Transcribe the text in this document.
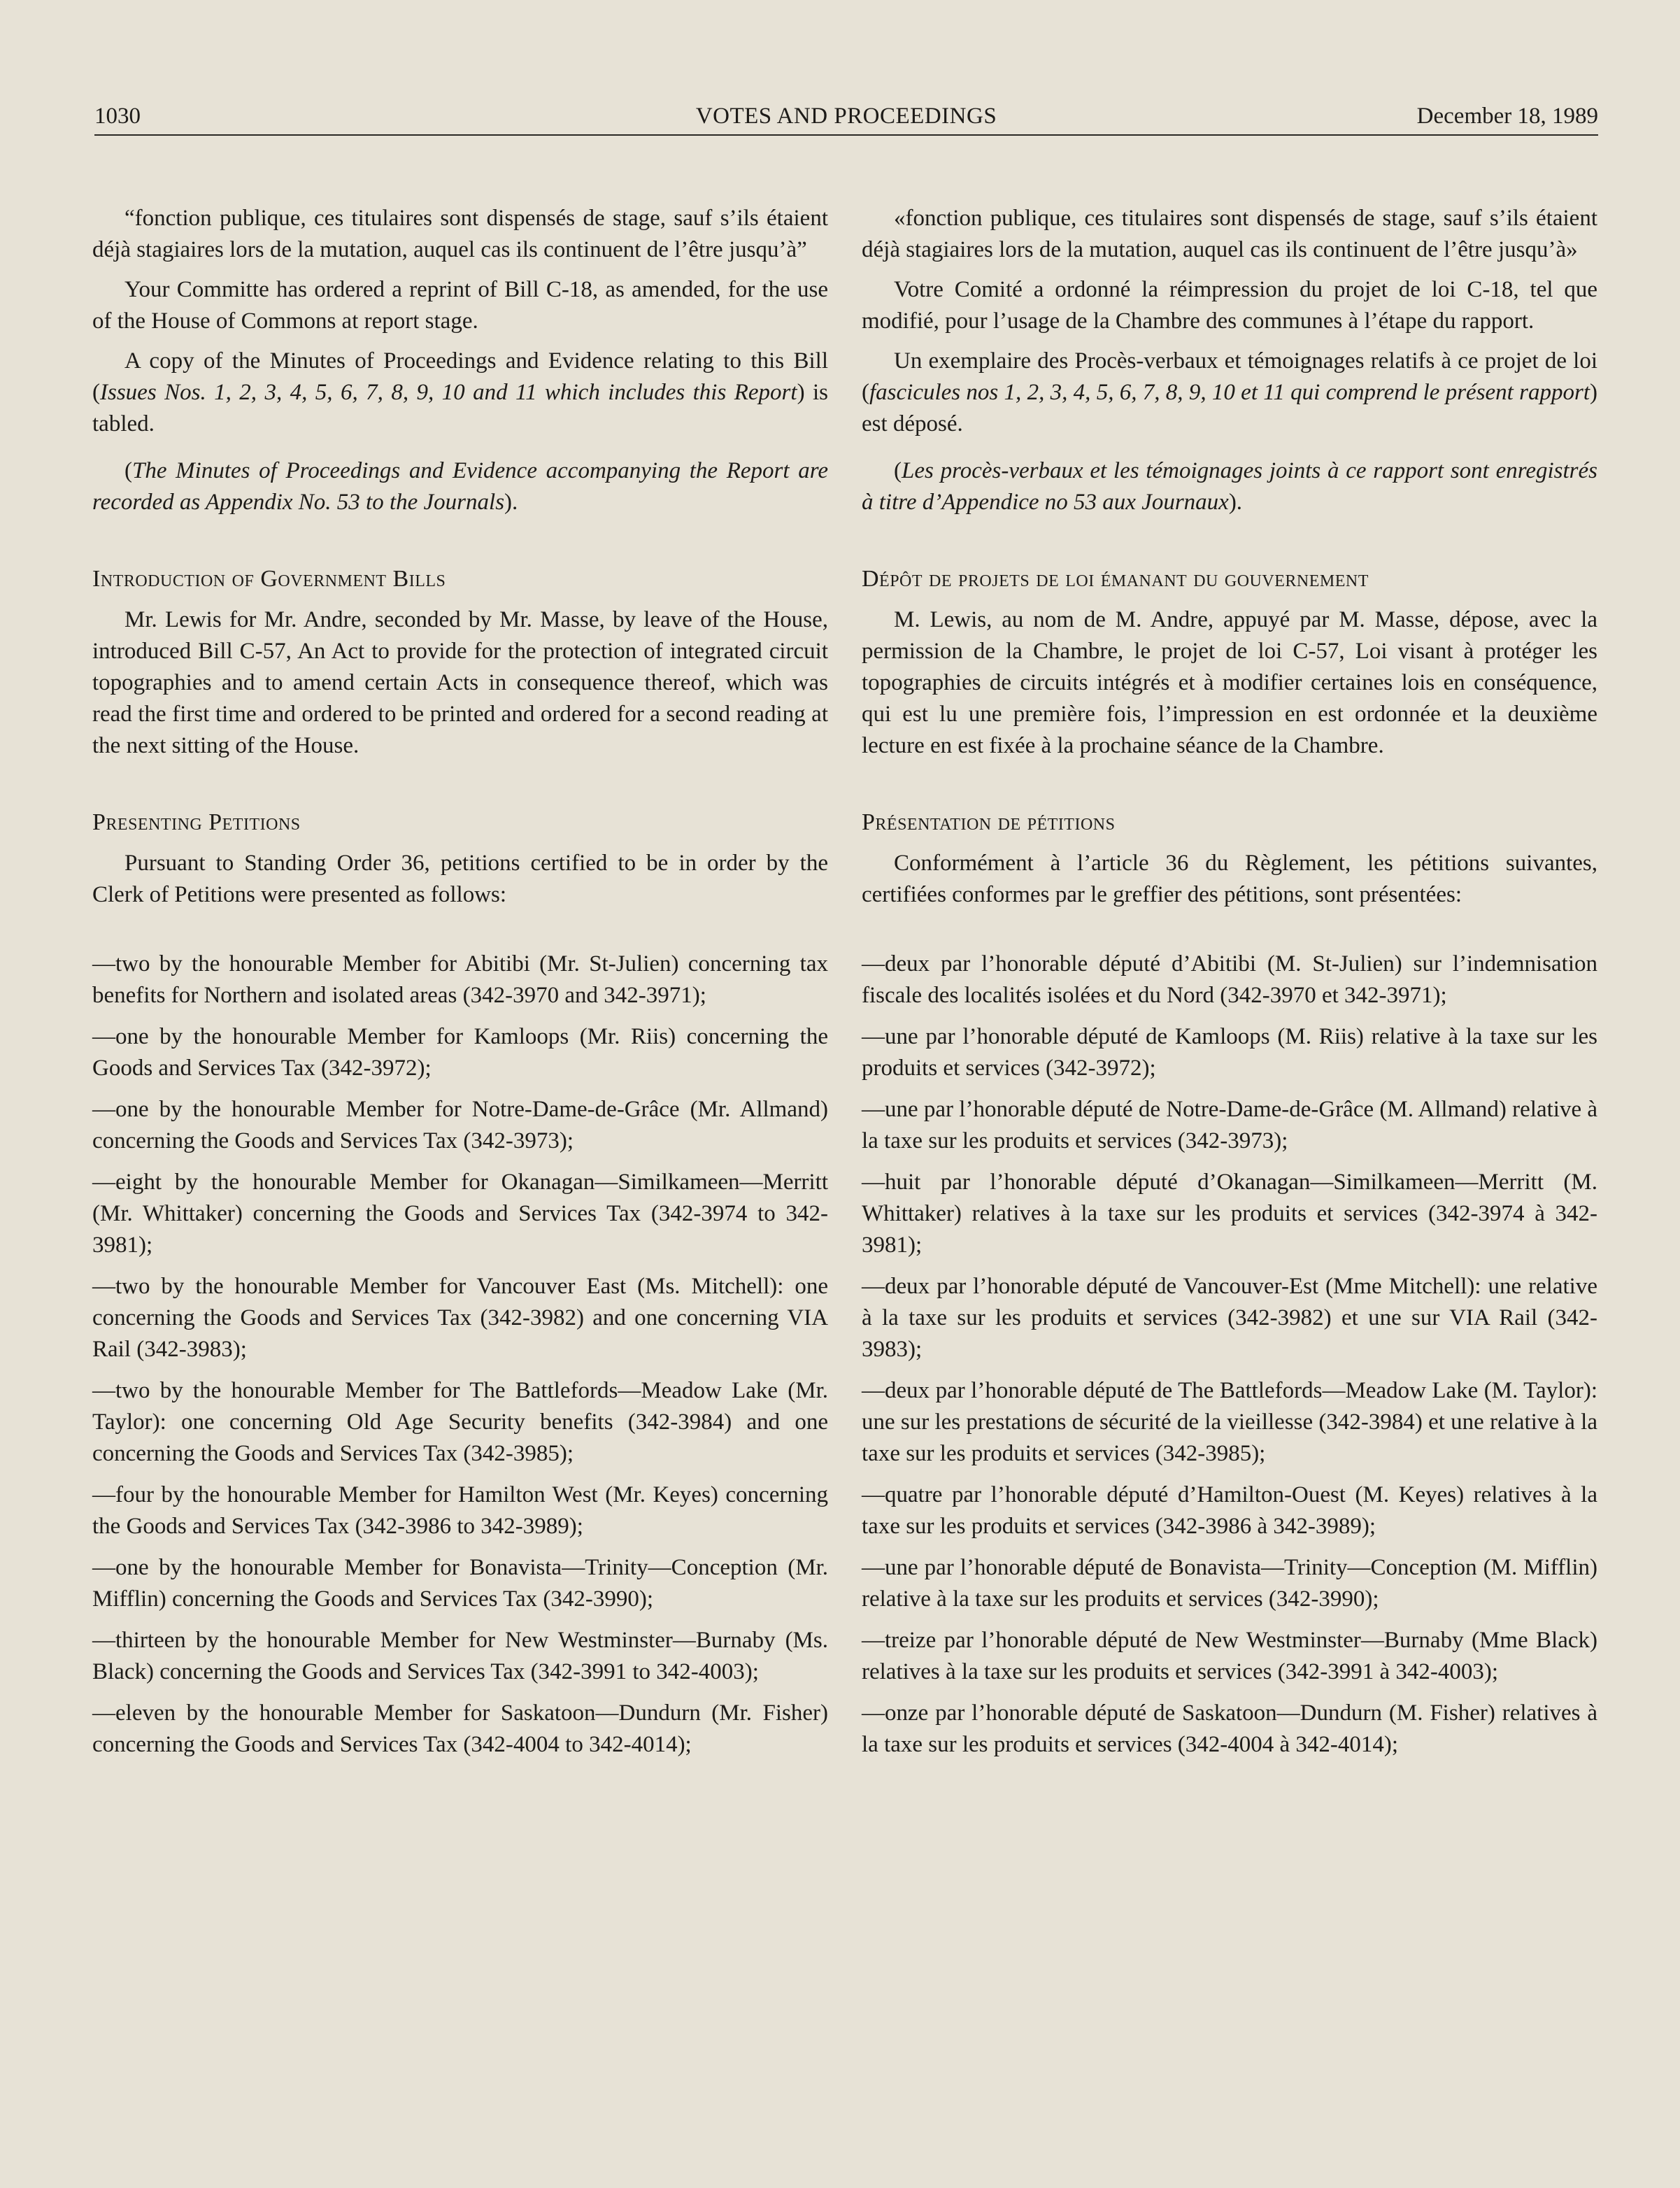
1030	VOTES AND PROCEEDINGS	December 18, 1989

“fonction publique, ces titulaires sont dispensés de stage, sauf s’ils étaient déjà stagiaires lors de la mutation, auquel cas ils continuent de l’être jusqu’à”

Your Committe has ordered a reprint of Bill C-18, as amended, for the use of the House of Commons at report stage.

A copy of the Minutes of Proceedings and Evidence relating to this Bill (Issues Nos. 1, 2, 3, 4, 5, 6, 7, 8, 9, 10 and 11 which includes this Report) is tabled.

(The Minutes of Proceedings and Evidence accompanying the Report are recorded as Appendix No. 53 to the Journals).

Introduction of Government Bills

Mr. Lewis for Mr. Andre, seconded by Mr. Masse, by leave of the House, introduced Bill C-57, An Act to provide for the protection of integrated circuit topographies and to amend certain Acts in consequence thereof, which was read the first time and ordered to be printed and ordered for a second reading at the next sitting of the House.

Presenting Petitions

Pursuant to Standing Order 36, petitions certified to be in order by the Clerk of Petitions were presented as follows:

—two by the honourable Member for Abitibi (Mr. St-Julien) concerning tax benefits for Northern and isolated areas (342-3970 and 342-3971);

—one by the honourable Member for Kamloops (Mr. Riis) concerning the Goods and Services Tax (342-3972);

—one by the honourable Member for Notre-Dame-de-Grâce (Mr. Allmand) concerning the Goods and Services Tax (342-3973);

—eight by the honourable Member for Okanagan—Similkameen—Merritt (Mr. Whittaker) concerning the Goods and Services Tax (342-3974 to 342-3981);

—two by the honourable Member for Vancouver East (Ms. Mitchell): one concerning the Goods and Services Tax (342-3982) and one concerning VIA Rail (342-3983);

—two by the honourable Member for The Battlefords—Meadow Lake (Mr. Taylor): one concerning Old Age Security benefits (342-3984) and one concerning the Goods and Services Tax (342-3985);

—four by the honourable Member for Hamilton West (Mr. Keyes) concerning the Goods and Services Tax (342-3986 to 342-3989);

—one by the honourable Member for Bonavista—Trinity—Conception (Mr. Mifflin) concerning the Goods and Services Tax (342-3990);

—thirteen by the honourable Member for New Westminster—Burnaby (Ms. Black) concerning the Goods and Services Tax (342-3991 to 342-4003);

—eleven by the honourable Member for Saskatoon—Dundurn (Mr. Fisher) concerning the Goods and Services Tax (342-4004 to 342-4014);

«fonction publique, ces titulaires sont dispensés de stage, sauf s’ils étaient déjà stagiaires lors de la mutation, auquel cas ils continuent de l’être jusqu’à»

Votre Comité a ordonné la réimpression du projet de loi C-18, tel que modifié, pour l’usage de la Chambre des communes à l’étape du rapport.

Un exemplaire des Procès-verbaux et témoignages relatifs à ce projet de loi (fascicules nos 1, 2, 3, 4, 5, 6, 7, 8, 9, 10 et 11 qui comprend le présent rapport) est déposé.

(Les procès-verbaux et les témoignages joints à ce rapport sont enregistrés à titre d’Appendice no 53 aux Journaux).

Dépôt de projets de loi émanant du gouvernement

M. Lewis, au nom de M. Andre, appuyé par M. Masse, dépose, avec la permission de la Chambre, le projet de loi C-57, Loi visant à protéger les topographies de circuits intégrés et à modifier certaines lois en conséquence, qui est lu une première fois, l’impression en est ordonnée et la deuxième lecture en est fixée à la prochaine séance de la Chambre.

Présentation de pétitions

Conformément à l’article 36 du Règlement, les pétitions suivantes, certifiées conformes par le greffier des pétitions, sont présentées:

—deux par l’honorable député d’Abitibi (M. St-Julien) sur l’indemnisation fiscale des localités isolées et du Nord (342-3970 et 342-3971);

—une par l’honorable député de Kamloops (M. Riis) relative à la taxe sur les produits et services (342-3972);

—une par l’honorable député de Notre-Dame-de-Grâce (M. Allmand) relative à la taxe sur les produits et services (342-3973);

—huit par l’honorable député d’Okanagan—Similkameen—Merritt (M. Whittaker) relatives à la taxe sur les produits et services (342-3974 à 342-3981);

—deux par l’honorable député de Vancouver-Est (Mme Mitchell): une relative à la taxe sur les produits et services (342-3982) et une sur VIA Rail (342-3983);

—deux par l’honorable député de The Battlefords—Meadow Lake (M. Taylor): une sur les prestations de sécurité de la vieillesse (342-3984) et une relative à la taxe sur les produits et services (342-3985);

—quatre par l’honorable député d’Hamilton-Ouest (M. Keyes) relatives à la taxe sur les produits et services (342-3986 à 342-3989);

—une par l’honorable député de Bonavista—Trinity—Conception (M. Mifflin) relative à la taxe sur les produits et services (342-3990);

—treize par l’honorable député de New Westminster—Burnaby (Mme Black) relatives à la taxe sur les produits et services (342-3991 à 342-4003);

—onze par l’honorable député de Saskatoon—Dundurn (M. Fisher) relatives à la taxe sur les produits et services (342-4004 à 342-4014);
